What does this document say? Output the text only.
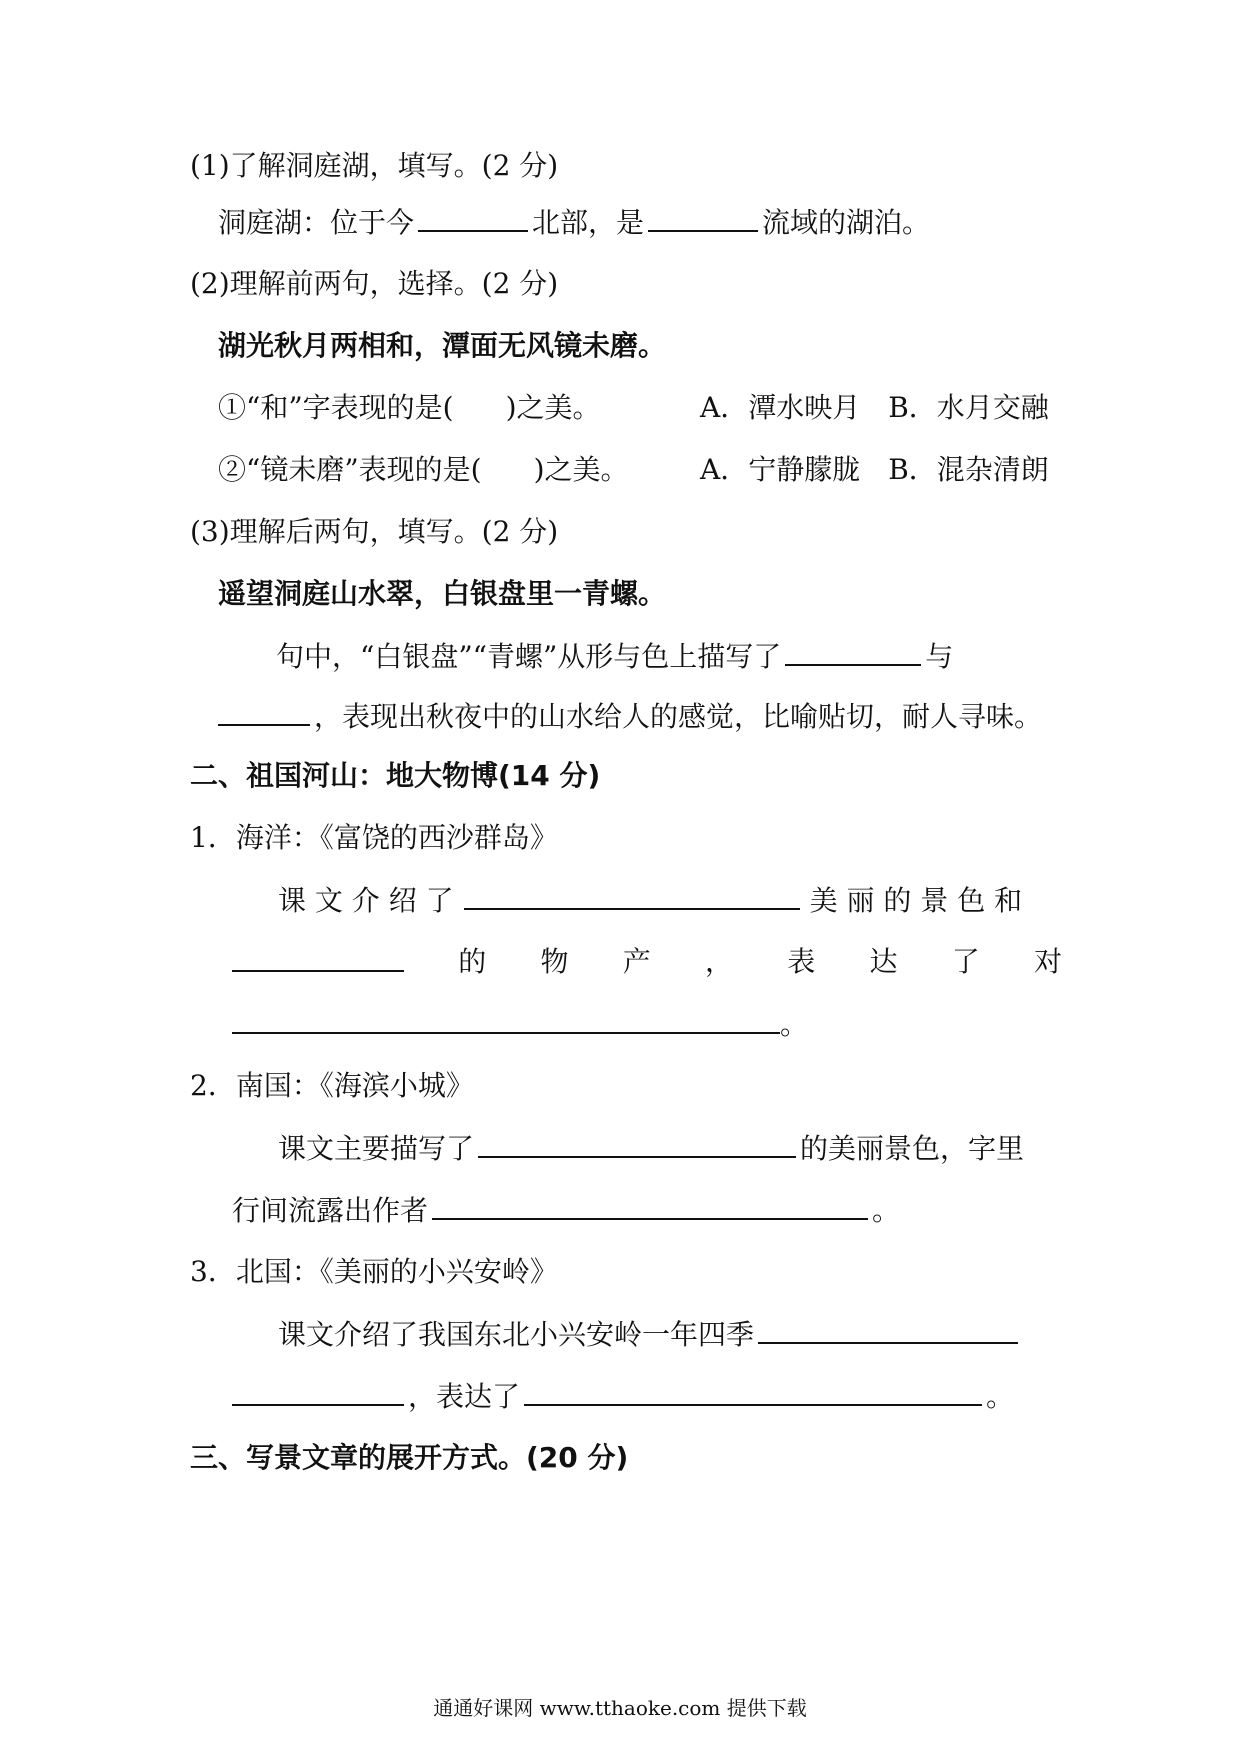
(1)了解洞庭湖，填写。(2 分)
洞庭湖：位于今	北部，是	流域的湖泊。
(2)理解前两句，选择。(2 分)
湖光秋月两相和，潭面无风镜未磨。
①“和”字表现的是( )之美。	A．潭水映月　B．水月交融
②“镜未磨”表现的是( )之美。	A．宁静朦胧　B．混杂清朗
(3)理解后两句，填写。(2 分)
遥望洞庭山水翠，白银盘里一青螺。
句中，“白银盘”“青螺”从形与色上描写了	与
，表现出秋夜中的山水给人的感觉，比喻贴切，耐人寻味。
二、祖国河山：地大物博(14 分)
1．海洋：《富饶的西沙群岛》
课 文 介 绍 了	美 丽 的 景 色 和
的 物 产 ， 表 达 了 对
。
2．南国：《海滨小城》
课文主要描写了	的美丽景色，字里
行间流露出作者	。
3．北国：《美丽的小兴安岭》
课文介绍了我国东北小兴安岭一年四季
，表达了	。
三、写景文章的展开方式。(20 分)
通通好课网 www.tthaoke.com 提供下载
